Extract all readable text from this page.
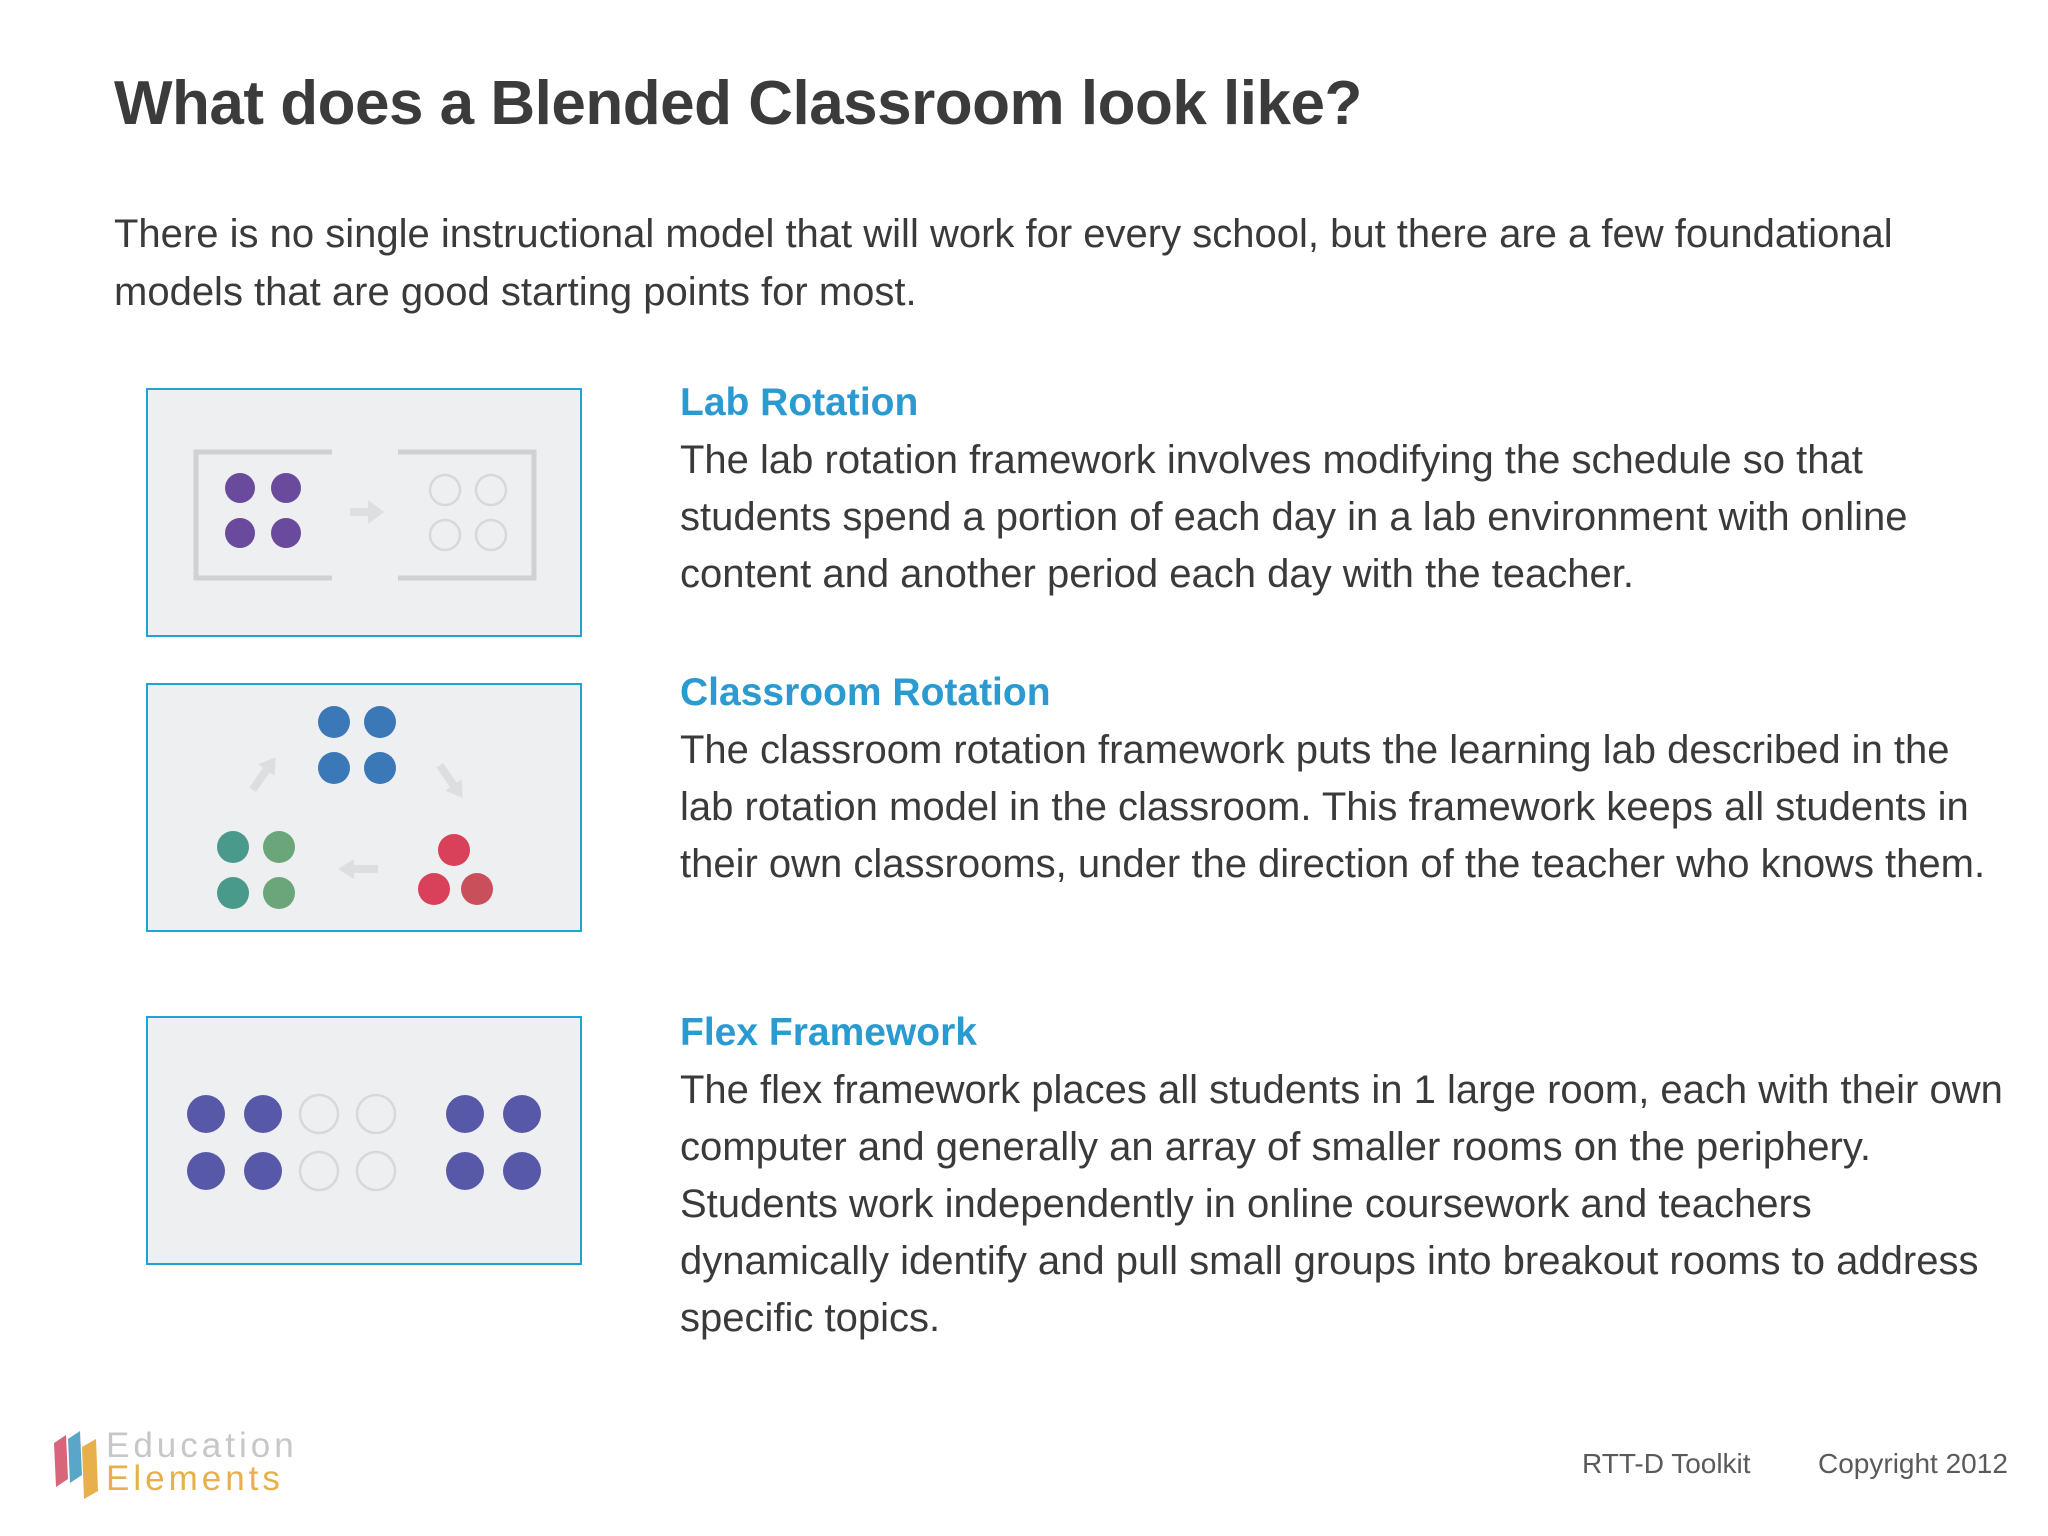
What does a Blended Classroom look like?

There is no single instructional model that will work for every school, but there are a few foundational models that are good starting points for most.

Lab Rotation

The lab rotation framework involves modifying the schedule so that students spend a portion of each day in a lab environment with online content and another period each day with the teacher.

Classroom Rotation

The classroom rotation framework puts the learning lab described in the lab rotation model in the classroom. This framework keeps all students in their own classrooms, under the direction of the teacher who knows them.

Flex Framework

The flex framework places all students in 1 large room, each with their own computer and generally an array of smaller rooms on the periphery. Students work independently in online coursework and teachers dynamically identify and pull small groups into breakout rooms to address specific topics.

Education
Elements	RTT-D Toolkit Copyright 2012
